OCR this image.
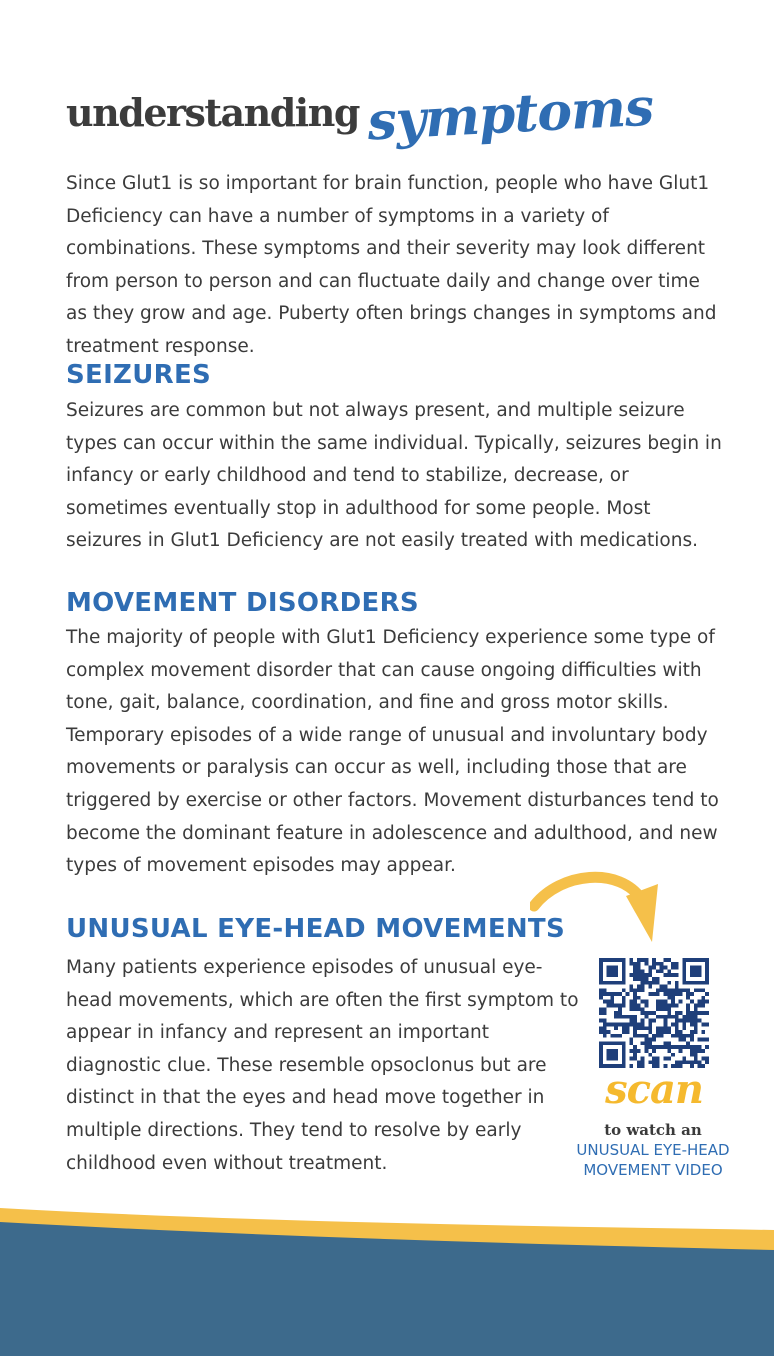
understanding symptoms

Since Glut1 is so important for brain function, people who have Glut1 Deficiency can have a number of symptoms in a variety of combinations. These symptoms and their severity may look different from person to person and can fluctuate daily and change over time as they grow and age. Puberty often brings changes in symptoms and treatment response.

SEIZURES

Seizures are common but not always present, and multiple seizure types can occur within the same individual. Typically, seizures begin in infancy or early childhood and tend to stabilize, decrease, or sometimes eventually stop in adulthood for some people. Most seizures in Glut1 Deficiency are not easily treated with medications.

MOVEMENT DISORDERS

The majority of people with Glut1 Deficiency experience some type of complex movement disorder that can cause ongoing difficulties with tone, gait, balance, coordination, and fine and gross motor skills. Temporary episodes of a wide range of unusual and involuntary body movements or paralysis can occur as well, including those that are triggered by exercise or other factors. Movement disturbances tend to become the dominant feature in adolescence and adulthood, and new types of movement episodes may appear.

UNUSUAL EYE-HEAD MOVEMENTS

Many patients experience episodes of unusual eye-head movements, which are often the first symptom to appear in infancy and represent an important diagnostic clue. These resemble opsoclonus but are distinct in that the eyes and head move together in multiple directions. They tend to resolve by early childhood even without treatment.

scan
to watch an
UNUSUAL EYE-HEAD
MOVEMENT VIDEO
